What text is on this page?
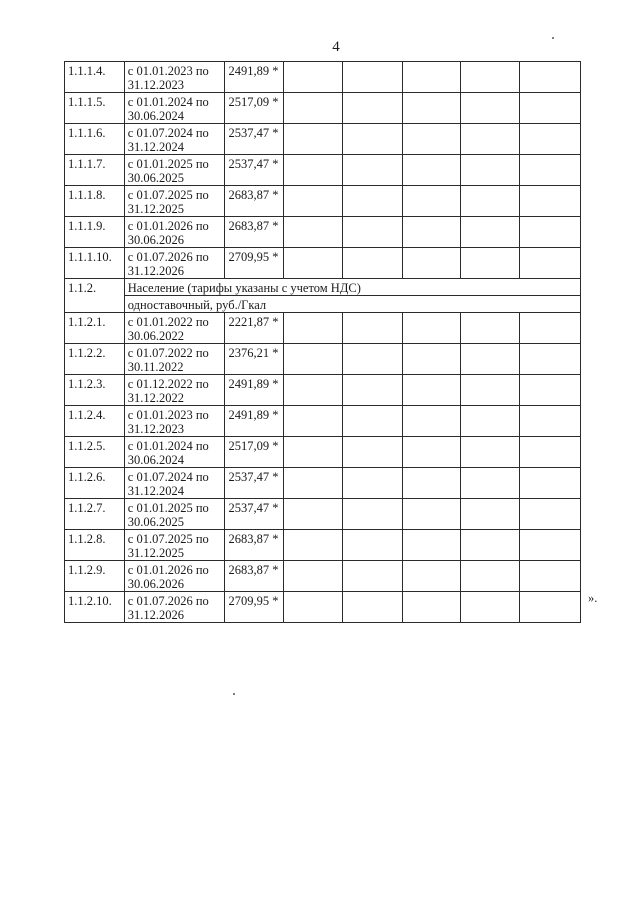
4
1.1.1.4.	с 01.01.2023 по
31.12.2023	2491,89 *					
1.1.1.5.	с 01.01.2024 по
30.06.2024	2517,09 *					
1.1.1.6.	с 01.07.2024 по
31.12.2024	2537,47 *					
1.1.1.7.	с 01.01.2025 по
30.06.2025	2537,47 *					
1.1.1.8.	с 01.07.2025 по
31.12.2025	2683,87 *					
1.1.1.9.	с 01.01.2026 по
30.06.2026	2683,87 *					
1.1.1.10.	с 01.07.2026 по
31.12.2026	2709,95 *					
1.1.2.	Население (тарифы указаны с учетом НДС)						
	одноставочный, руб./Гкал						
1.1.2.1.	с 01.01.2022 по
30.06.2022	2221,87 *					
1.1.2.2.	с 01.07.2022 по
30.11.2022	2376,21 *					
1.1.2.3.	с 01.12.2022 по
31.12.2022	2491,89 *					
1.1.2.4.	с 01.01.2023 по
31.12.2023	2491,89 *					
1.1.2.5.	с 01.01.2024 по
30.06.2024	2517,09 *					
1.1.2.6.	с 01.07.2024 по
31.12.2024	2537,47 *					
1.1.2.7.	с 01.01.2025 по
30.06.2025	2537,47 *					
1.1.2.8.	с 01.07.2025 по
31.12.2025	2683,87 *					
1.1.2.9.	с 01.01.2026 по
30.06.2026	2683,87 *					
1.1.2.10.	с 01.07.2026 по
31.12.2026	2709,95 *						».
